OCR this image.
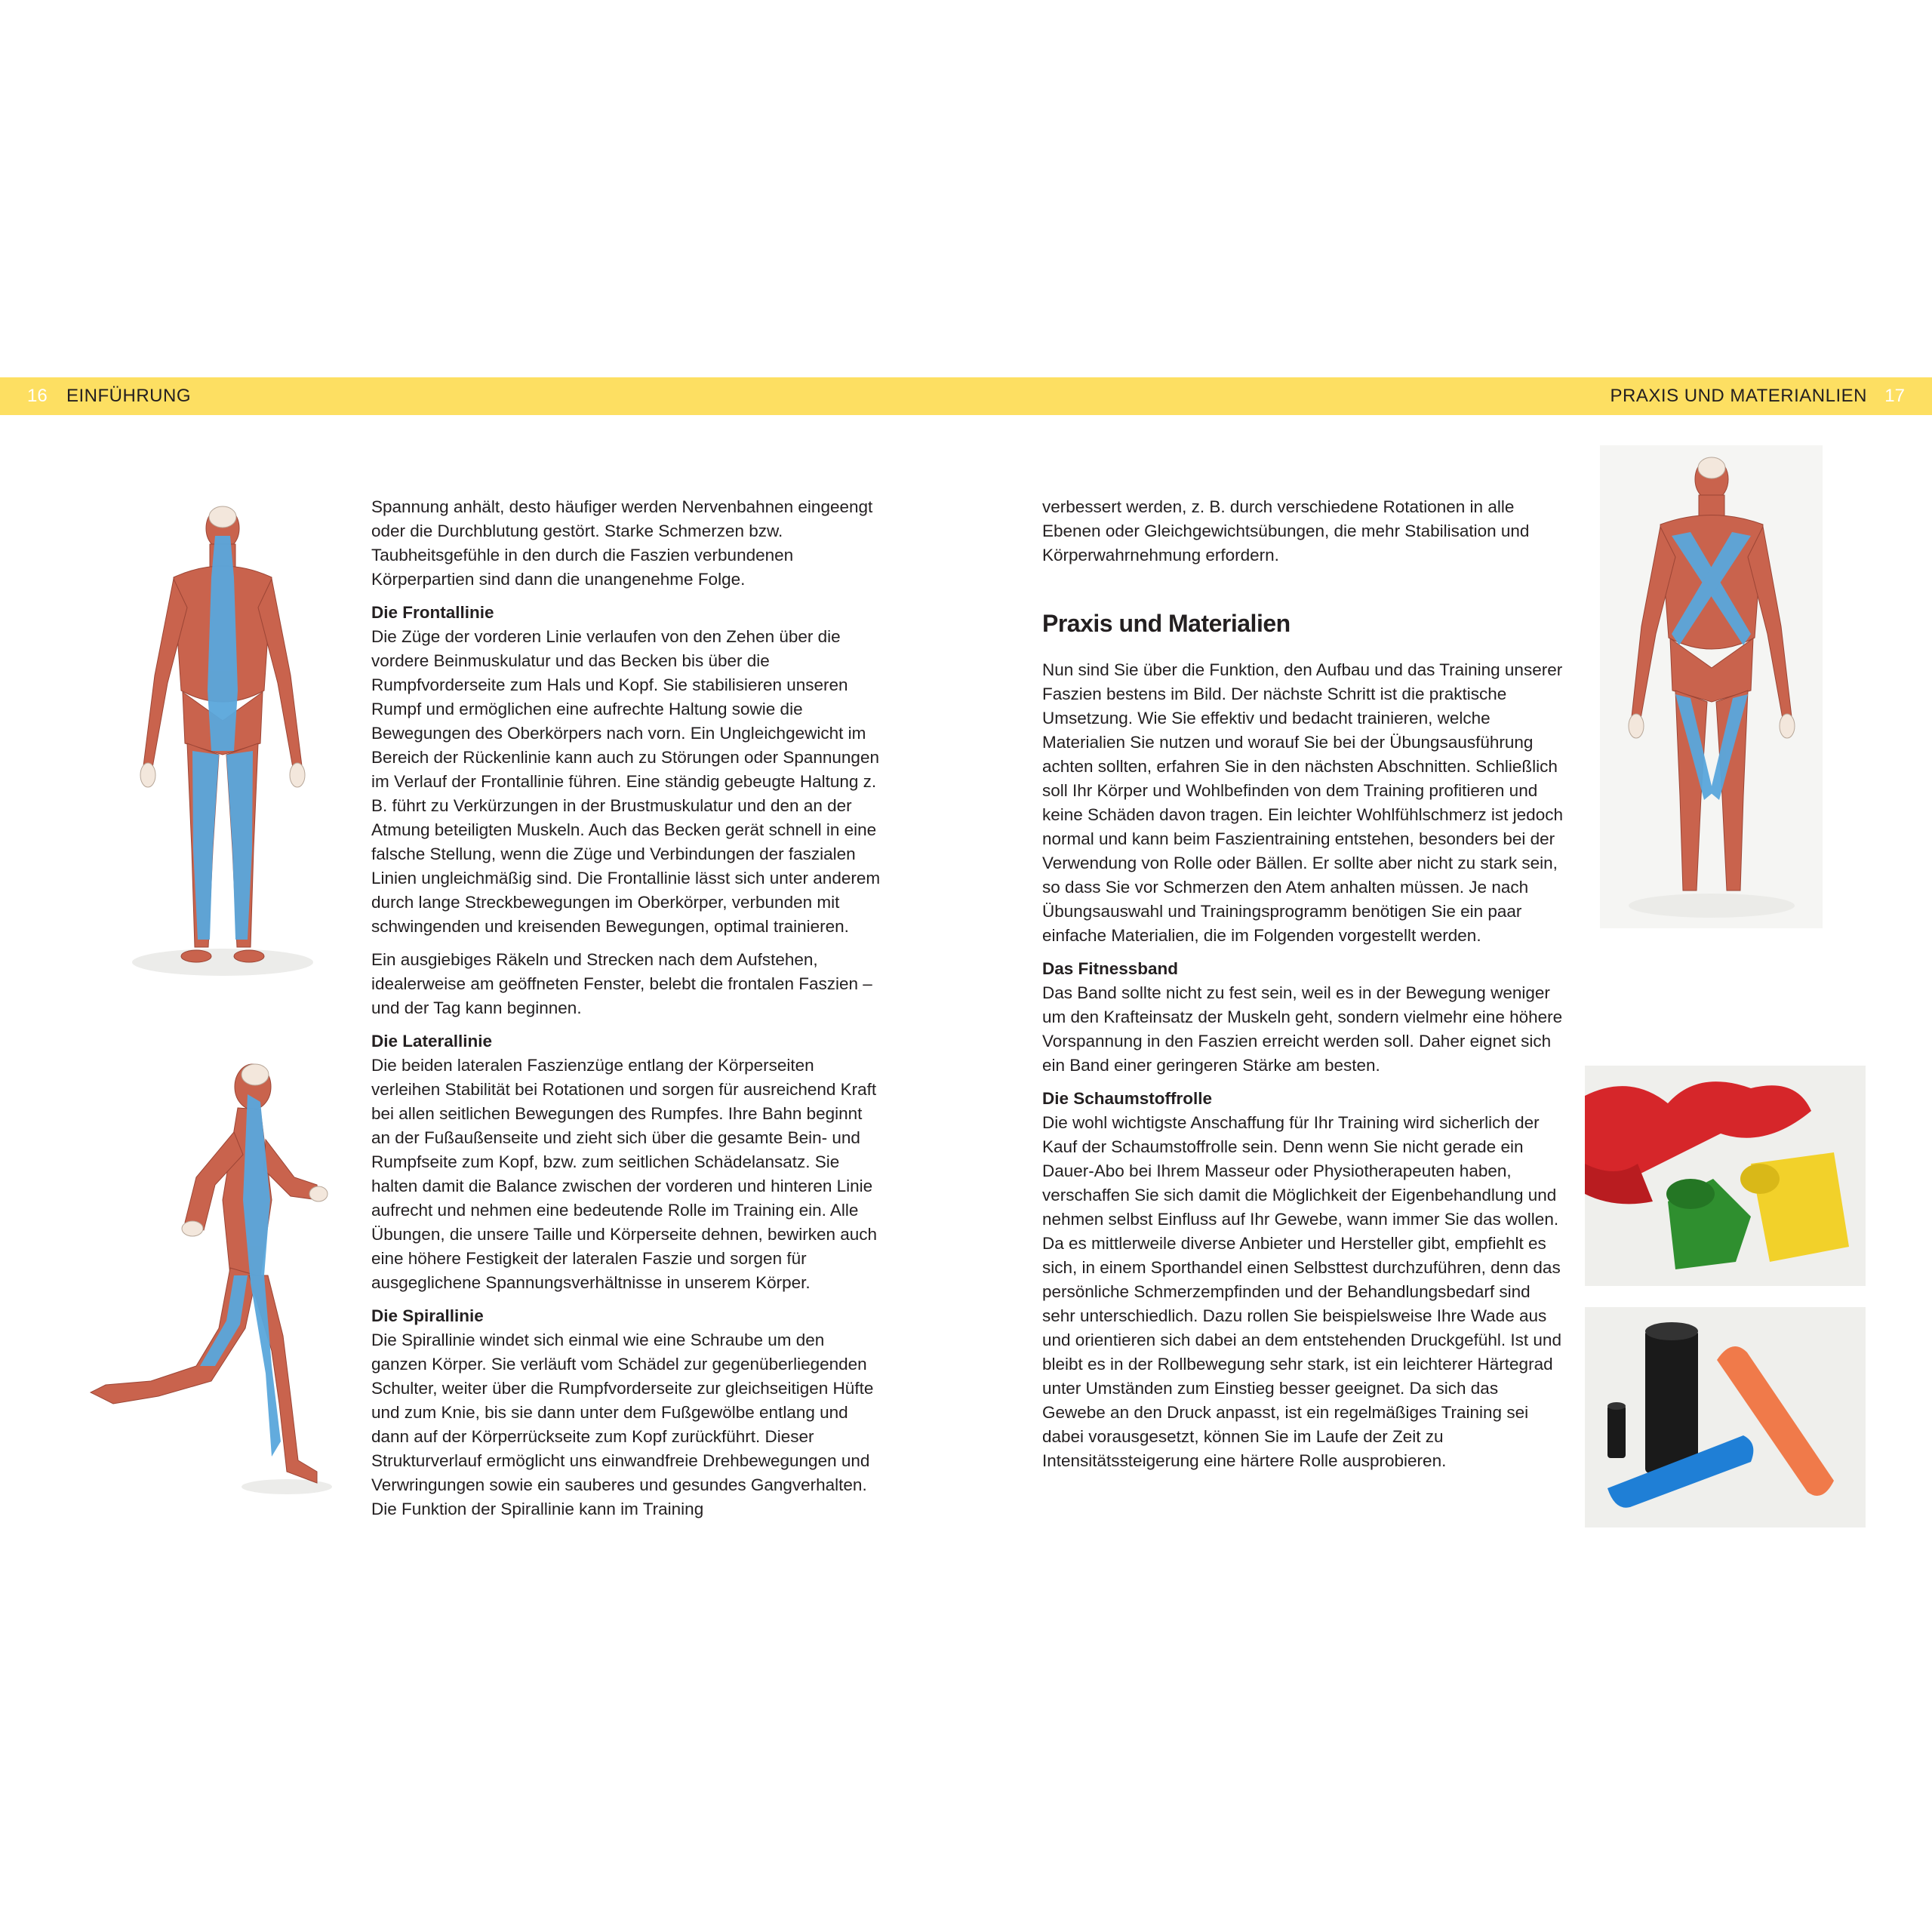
16 EINFÜHRUNG	PRAXIS UND MATERIANLIEN 17

Spannung anhält, desto häufiger werden Nervenbahnen eingeengt oder die Durchblutung gestört. Starke Schmerzen bzw. Taubheitsgefühle in den durch die Faszien verbundenen Körperpartien sind dann die unangenehme Folge.

Die Frontallinie

Die Züge der vorderen Linie verlaufen von den Zehen über die vordere Beinmuskulatur und das Becken bis über die Rumpfvorderseite zum Hals und Kopf. Sie stabilisieren unseren Rumpf und ermöglichen eine aufrechte Haltung sowie die Bewegungen des Oberkörpers nach vorn. Ein Ungleichgewicht im Bereich der Rückenlinie kann auch zu Störungen oder Spannungen im Verlauf der Frontallinie führen. Eine ständig gebeugte Haltung z. B. führt zu Verkürzungen in der Brustmuskulatur und den an der Atmung beteiligten Muskeln. Auch das Becken gerät schnell in eine falsche Stellung, wenn die Züge und Verbindungen der faszialen Linien ungleichmäßig sind. Die Frontallinie lässt sich unter anderem durch lange Streckbewegungen im Oberkörper, verbunden mit schwingenden und kreisenden Bewegungen, optimal trainieren.

Ein ausgiebiges Räkeln und Strecken nach dem Aufstehen, idealerweise am geöffneten Fenster, belebt die frontalen Faszien – und der Tag kann beginnen.

Die Laterallinie

Die beiden lateralen Faszienzüge entlang der Körperseiten verleihen Stabilität bei Rotationen und sorgen für ausreichend Kraft bei allen seitlichen Bewegungen des Rumpfes. Ihre Bahn beginnt an der Fußaußenseite und zieht sich über die gesamte Bein- und Rumpfseite zum Kopf, bzw. zum seitlichen Schädelansatz. Sie halten damit die Balance zwischen der vorderen und hinteren Linie aufrecht und nehmen eine bedeutende Rolle im Training ein. Alle Übungen, die unsere Taille und Körperseite dehnen, bewirken auch eine höhere Festigkeit der lateralen Faszie und sorgen für ausgeglichene Spannungsverhältnisse in unserem Körper.

Die Spirallinie

Die Spirallinie windet sich einmal wie eine Schraube um den ganzen Körper. Sie verläuft vom Schädel zur gegenüberliegenden Schulter, weiter über die Rumpfvorderseite zur gleichseitigen Hüfte und zum Knie, bis sie dann unter dem Fußgewölbe entlang und dann auf der Körperrückseite zum Kopf zurückführt. Dieser Strukturverlauf ermöglicht uns einwandfreie Drehbewegungen und Verwringungen sowie ein sauberes und gesundes Gangverhalten. Die Funktion der Spirallinie kann im Training

verbessert werden, z. B. durch verschiedene Rotationen in alle Ebenen oder Gleichgewichtsübungen, die mehr Stabilisation und Körperwahrnehmung erfordern.

Praxis und Materialien

Nun sind Sie über die Funktion, den Aufbau und das Training unserer Faszien bestens im Bild. Der nächste Schritt ist die praktische Umsetzung. Wie Sie effektiv und bedacht trainieren, welche Materialien Sie nutzen und worauf Sie bei der Übungsausführung achten sollten, erfahren Sie in den nächsten Abschnitten. Schließlich soll Ihr Körper und Wohlbefinden von dem Training profitieren und keine Schäden davon tragen. Ein leichter Wohlfühlschmerz ist jedoch normal und kann beim Faszientraining entstehen, besonders bei der Verwendung von Rolle oder Bällen. Er sollte aber nicht zu stark sein, so dass Sie vor Schmerzen den Atem anhalten müssen. Je nach Übungsauswahl und Trainingsprogramm benötigen Sie ein paar einfache Materialien, die im Folgenden vorgestellt werden.

Das Fitnessband

Das Band sollte nicht zu fest sein, weil es in der Bewegung weniger um den Krafteinsatz der Muskeln geht, sondern vielmehr eine höhere Vorspannung in den Faszien erreicht werden soll. Daher eignet sich ein Band einer geringeren Stärke am besten.

Die Schaumstoffrolle

Die wohl wichtigste Anschaffung für Ihr Training wird sicherlich der Kauf der Schaumstoffrolle sein. Denn wenn Sie nicht gerade ein Dauer-Abo bei Ihrem Masseur oder Physiotherapeuten haben, verschaffen Sie sich damit die Möglichkeit der Eigenbehandlung und nehmen selbst Einfluss auf Ihr Gewebe, wann immer Sie das wollen. Da es mittlerweile diverse Anbieter und Hersteller gibt, empfiehlt es sich, in einem Sporthandel einen Selbsttest durchzuführen, denn das persönliche Schmerzempfinden und der Behandlungsbedarf sind sehr unterschiedlich. Dazu rollen Sie beispielsweise Ihre Wade aus und orientieren sich dabei an dem entstehenden Druckgefühl. Ist und bleibt es in der Rollbewegung sehr stark, ist ein leichterer Härtegrad unter Umständen zum Einstieg besser geeignet. Da sich das Gewebe an den Druck anpasst, ist ein regelmäßiges Training sei dabei vorausgesetzt, können Sie im Laufe der Zeit zu Intensitätssteigerung eine härtere Rolle ausprobieren.
